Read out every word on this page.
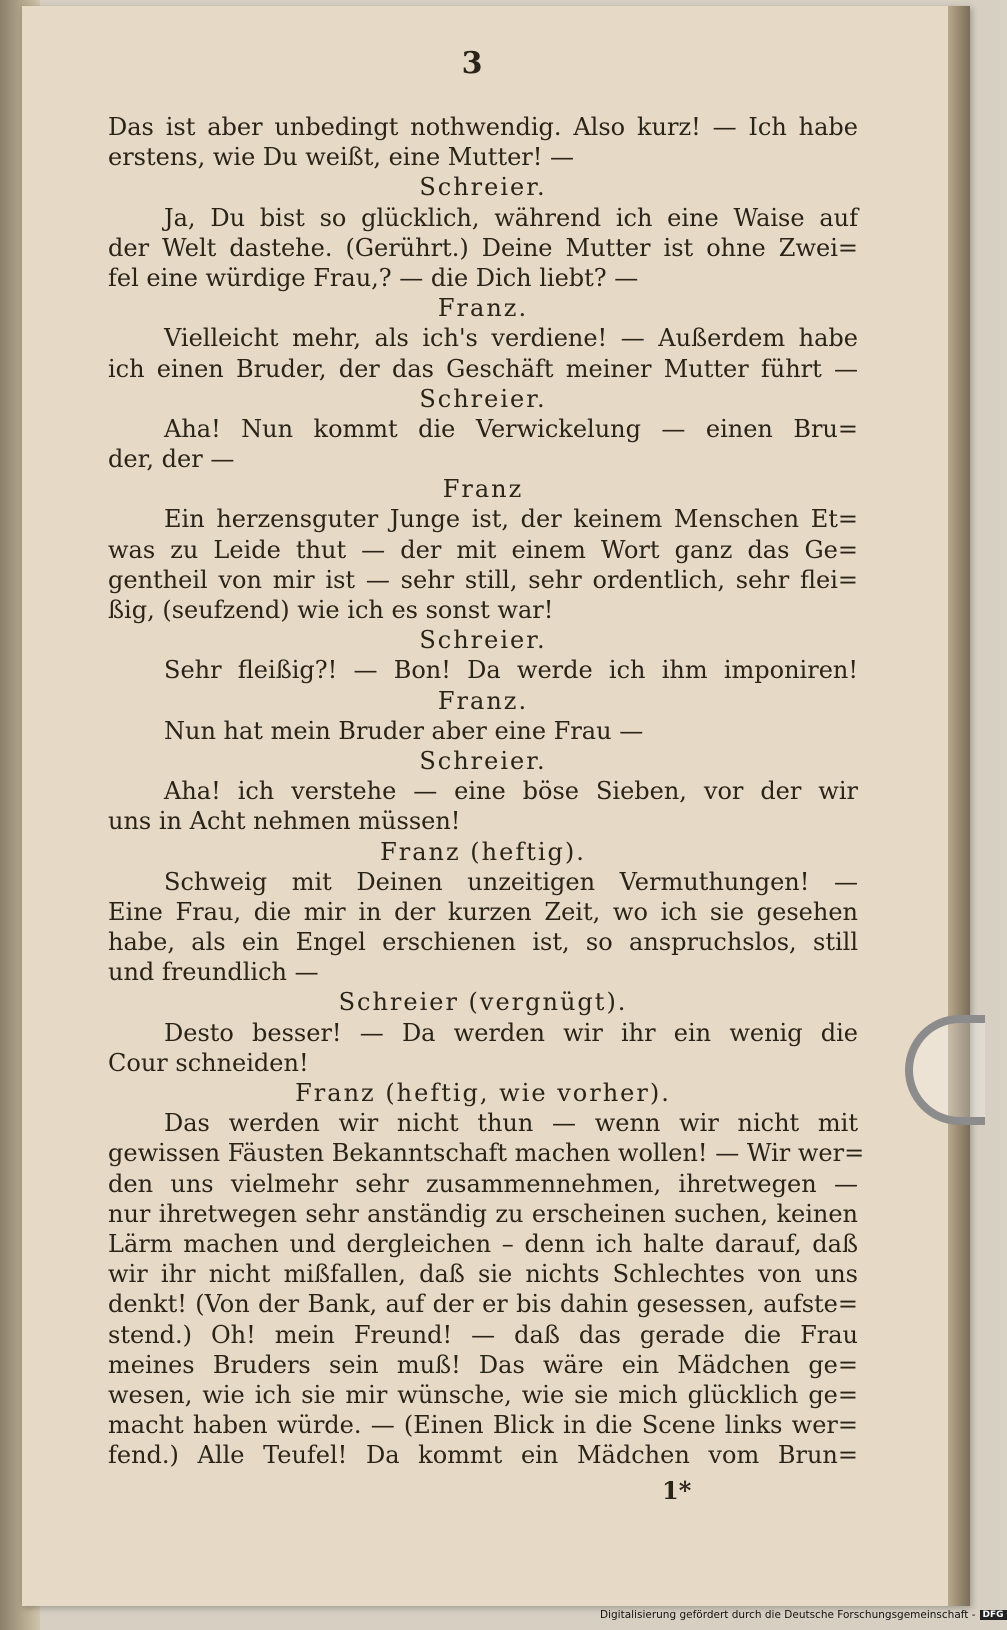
3
Das ist aber unbedingt nothwendig. Also kurz! — Ich habe
erstens, wie Du weißt, eine Mutter! —
Schreier.
Ja, Du bist so glücklich, während ich eine Waise auf
der Welt dastehe. (Gerührt.) Deine Mutter ist ohne Zwei=
fel eine würdige Frau,? — die Dich liebt? —
Franz.
Vielleicht mehr, als ich's verdiene! — Außerdem habe
ich einen Bruder, der das Geschäft meiner Mutter führt —
Schreier.
Aha! Nun kommt die Verwickelung — einen Bru=
der, der —
Franz
Ein herzensguter Junge ist, der keinem Menschen Et=
was zu Leide thut — der mit einem Wort ganz das Ge=
gentheil von mir ist — sehr still, sehr ordentlich, sehr flei=
ßig, (seufzend) wie ich es sonst war!
Schreier.
Sehr fleißig?! — Bon! Da werde ich ihm imponiren!
Franz.
Nun hat mein Bruder aber eine Frau —
Schreier.
Aha! ich verstehe — eine böse Sieben, vor der wir
uns in Acht nehmen müssen!
Franz (heftig).
Schweig mit Deinen unzeitigen Vermuthungen! —
Eine Frau, die mir in der kurzen Zeit, wo ich sie gesehen
habe, als ein Engel erschienen ist, so anspruchslos, still
und freundlich —
Schreier (vergnügt).
Desto besser! — Da werden wir ihr ein wenig die
Cour schneiden!
Franz (heftig, wie vorher).
Das werden wir nicht thun — wenn wir nicht mit
gewissen Fäusten Bekanntschaft machen wollen! — Wir wer=
den uns vielmehr sehr zusammennehmen, ihretwegen —
nur ihretwegen sehr anständig zu erscheinen suchen, keinen
Lärm machen und dergleichen – denn ich halte darauf, daß
wir ihr nicht mißfallen, daß sie nichts Schlechtes von uns
denkt! (Von der Bank, auf der er bis dahin gesessen, aufste=
stend.) Oh! mein Freund! — daß das gerade die Frau
meines Bruders sein muß! Das wäre ein Mädchen ge=
wesen, wie ich sie mir wünsche, wie sie mich glücklich ge=
macht haben würde. — (Einen Blick in die Scene links wer=
fend.) Alle Teufel! Da kommt ein Mädchen vom Brun=
1*
Digitalisierung gefördert durch die Deutsche Forschungsgemeinschaft - DFG
